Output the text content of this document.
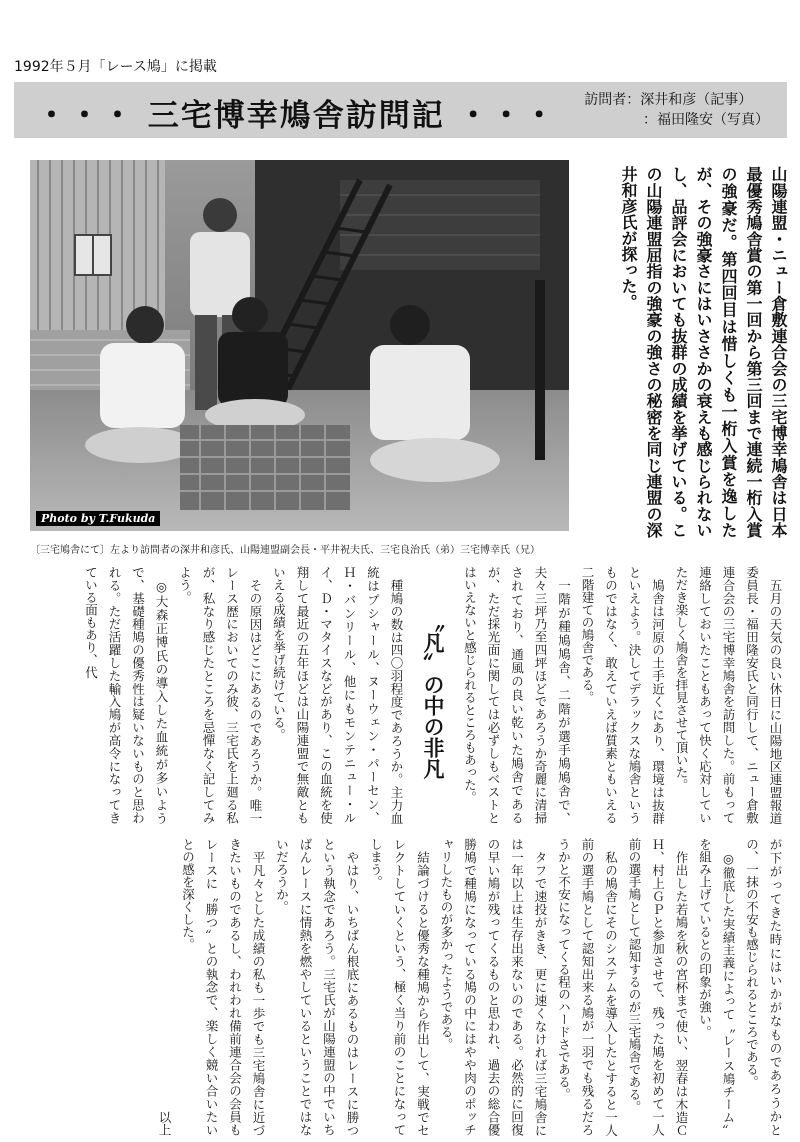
1992年５月「レース鳩」に掲載
・・・ 三宅博幸鳩舎訪問記 ・・・ 訪問者：深井和彦（記事）
：福田隆安（写真）
Photo by T.Fukuda
〔三宅鳩舎にて〕左より訪問者の深井和彦氏、山陽連盟副会長・平井祝夫氏、三宅良治氏（弟）三宅博幸氏（兄）
山陽連盟・ニュー倉敷連合会の三宅博幸鳩舎は日本最優秀鳩舎賞の第一回から第三回まで連続一桁入賞の強豪だ。第四回目は惜しくも一桁入賞を逸したが、その強豪さにはいささかの衰えも感じられないし、品評会においても抜群の成績を挙げている。この山陽連盟屈指の強豪の強さの秘密を同じ連盟の深井和彦氏が探った。

五月の天気の良い休日に山陽地区連盟報道委員長・福田隆安氏と同行して、ニュー倉敷連合会の三宅博幸鳩舎を訪問した。前もって連絡しておいたこともあって快く応対していただき楽しく鳩舎を拝見させて頂いた。

鳩舎は河原の土手近くにあり、環境は抜群といえよう。決してデラックスな鳩舎というものではなく、敢えていえば質素ともいえる二階建ての鳩舎である。

一階が種鳩鳩舎、二階が選手鳩鳩舎で、夫々三坪乃至四坪ほどであろうか奇麗に清掃されており、通風の良い乾いた鳩舎であるが、ただ採光面に関しては必ずしもベストとはいえないと感じられるところもあった。

〝凡〟の中の非凡

種鳩の数は四〇羽程度であろうか。主力血統はプシャール、ヌーウェン・パーセン、Ｈ・バンリール、他にもモンテニュー・ルイ、Ｄ・マタイスなどがあり、この血統を使翔して最近の五年ほどは山陽連盟で無敵ともいえる成績を挙げ続けている。

その原因はどこにあるのであろうか。唯一レース歴においてのみ彼、三宅氏を上廻る私が、私なり感じたところを忌憚なく記してみよう。

◎大森正博氏の導入した血統が多いようで、基礎種鳩の優秀性は疑いないものと思われる。ただ活躍した輸入鳩が高令になってきている面もあり、代

が下がってきた時にはいかがなものであろうかとの、一抹の不安も感じられるところである。

◎徹底した実績主義によって〝レース鳩チーム〟を組み上げているとの印象が強い。

作出した若鳩を秋の宮杯まで使い、翌春は木造ＣＨ、村上ＧＰと参加させて、残った鳩を初めて一人前の選手鳩として認知するのが三宅鳩舎である。

私の鳩舎にそのシステムを導入したとすると一人前の選手鳩として認知出来る鳩が一羽でも残るだろうかと不安になってくる程のハードさである。

タフで速投がきき、更に速くなければ三宅鳩舎には一年以上は生存出来ないのである。必然的に回復の早い鳩が残ってくるものと思われ、過去の総合優勝鳩で種鳩になっている鳩の中にはやや肉のポッチャリしたものが多かったようである。

結論づけると優秀な種鳩から作出して、実戦でセレクトしていくという、極く当り前のことになってしまう。

やはり、いちばん根底にあるものはレースに勝つという執念であろう。三宅氏が山陽連盟の中でいちばんレースに情熱を燃やしているということではないだろうか。

平凡々とした成績の私も一歩でも三宅鳩舎に近づきたいものであるし、われわれ備前連合会の会員もレースに〝勝つ〟との執念で、楽しく競い合いたいとの感を深くした。

以上
